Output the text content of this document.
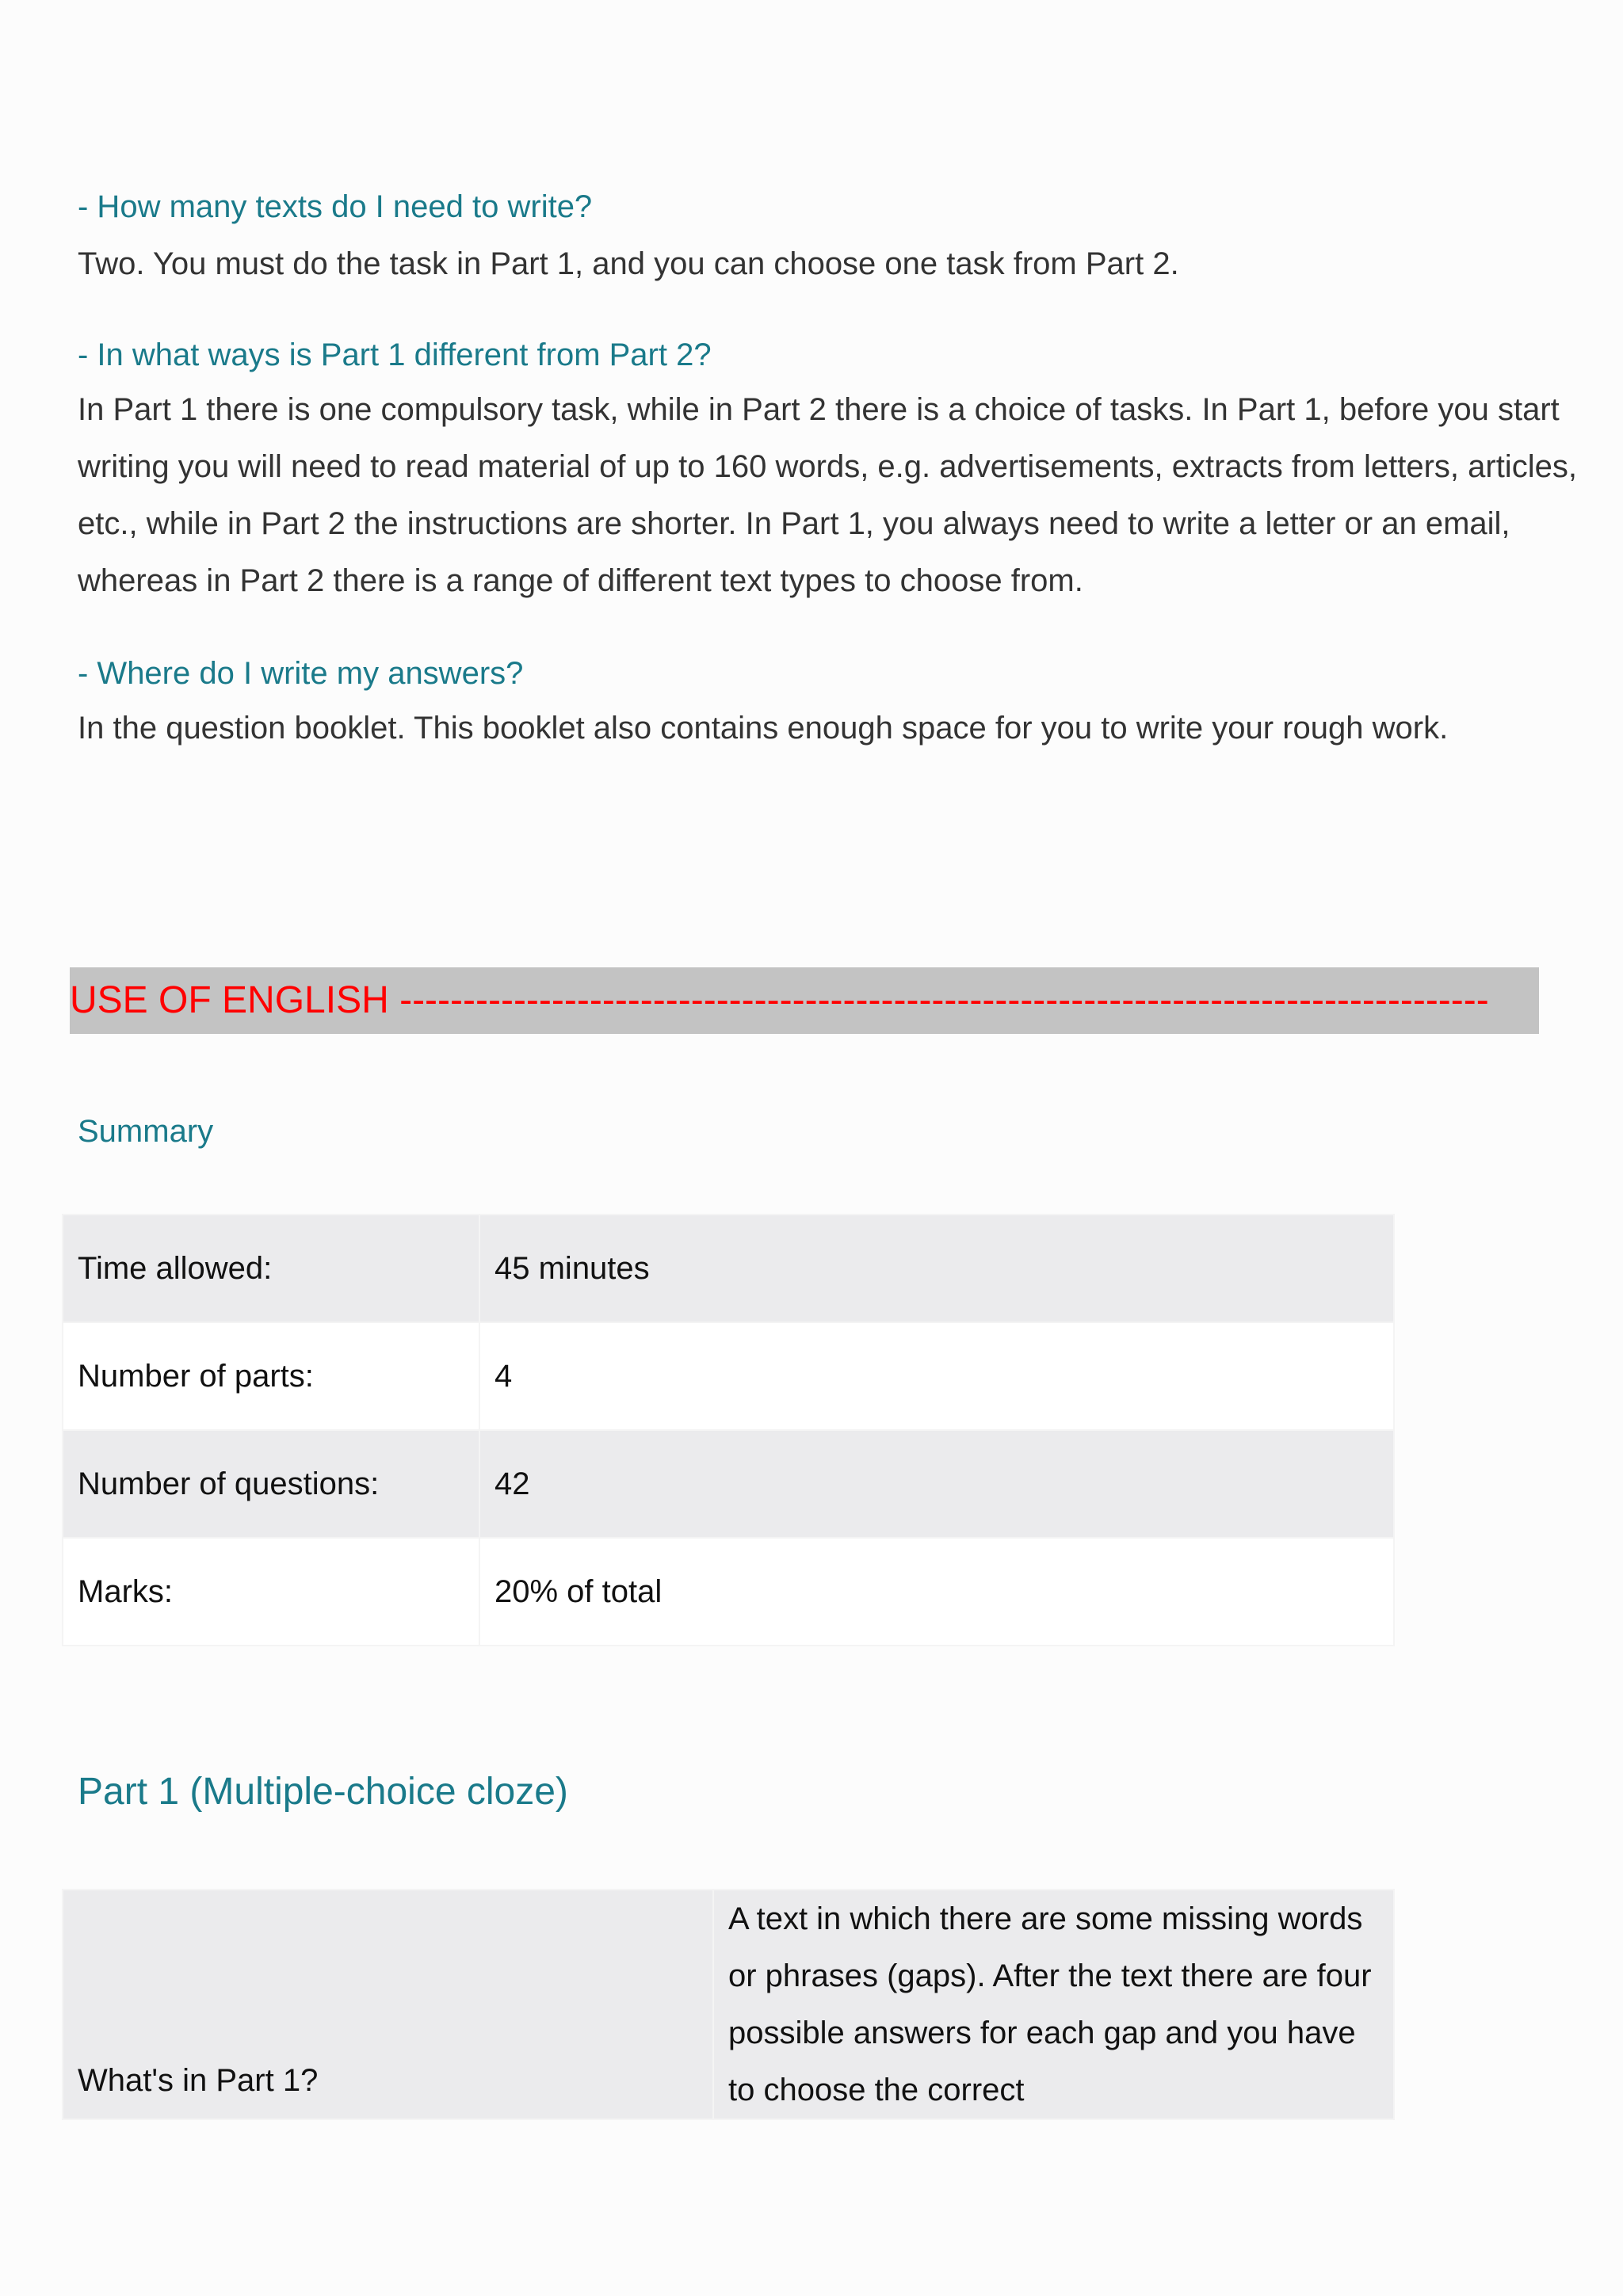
- How many texts do I need to write?

Two. You must do the task in Part 1, and you can choose one task from Part 2.

- In what ways is Part 1 different from Part 2?

In Part 1 there is one compulsory task, while in Part 2 there is a choice of tasks. In Part 1, before you start writing you will need to read material of up to 160 words, e.g. advertisements, extracts from letters, articles, etc., while in Part 2 the instructions are shorter. In Part 1, you always need to write a letter or an email, whereas in Part 2 there is a range of different text types to choose from.

- Where do I write my answers?

In the question booklet. This booklet also contains enough space for you to write your rough work.

USE OF ENGLISH --------------------------------------------------------------------------------------
Summary
Time allowed:	45 minutes
Number of parts:	4
Number of questions:	42
Marks:	20% of total
Part 1 (Multiple-choice cloze)
What's in Part 1?	A text in which there are some missing words or phrases (gaps). After the text there are four possible answers for each gap and you have to choose the correct
